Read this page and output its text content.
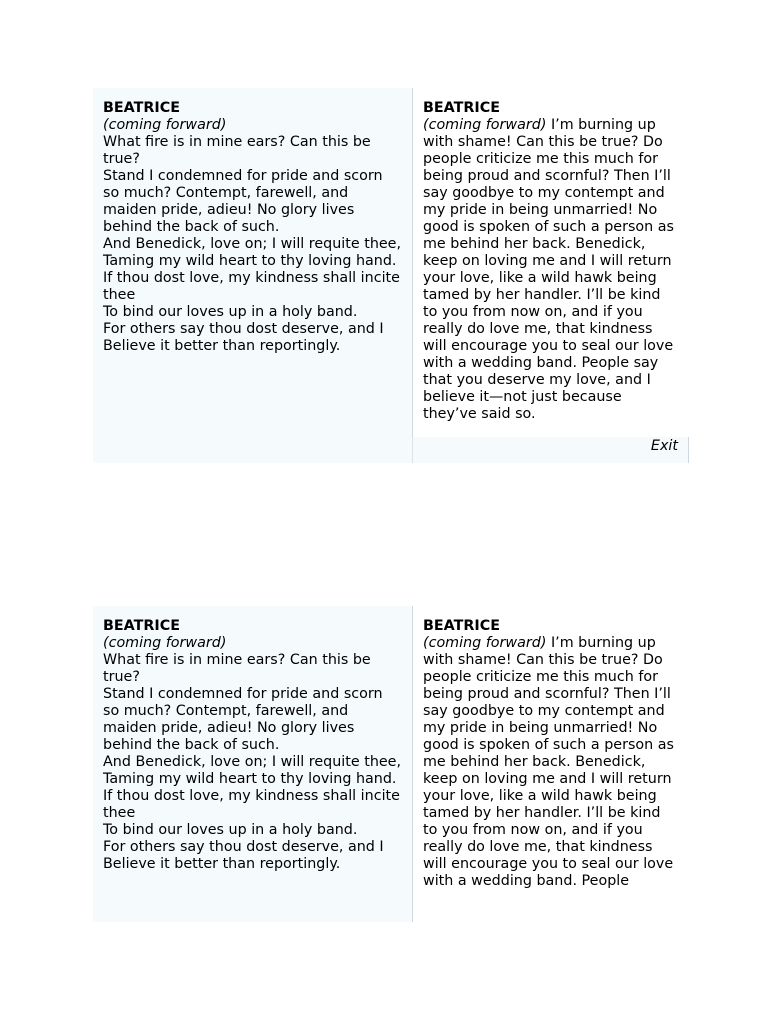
BEATRICE
(coming forward)
What fire is in mine ears? Can this be true?
Stand I condemned for pride and scorn so much? Contempt, farewell, and maiden pride, adieu! No glory lives behind the back of such.
And Benedick, love on; I will requite thee,
Taming my wild heart to thy loving hand.
If thou dost love, my kindness shall incite thee
To bind our loves up in a holy band.
For others say thou dost deserve, and I Believe it better than reportingly.
BEATRICE
(coming forward) I’m burning up with shame! Can this be true? Do people criticize me this much for being proud and scornful? Then I’ll say goodbye to my contempt and my pride in being unmarried! No good is spoken of such a person as me behind her back. Benedick, keep on loving me and I will return your love, like a wild hawk being tamed by her handler. I’ll be kind to you from now on, and if you really do love me, that kindness will encourage you to seal our love with a wedding band. People say that you deserve my love, and I believe it—not just because they’ve said so.
Exit
BEATRICE
(coming forward)
What fire is in mine ears? Can this be true?
Stand I condemned for pride and scorn so much? Contempt, farewell, and maiden pride, adieu! No glory lives behind the back of such.
And Benedick, love on; I will requite thee,
Taming my wild heart to thy loving hand.
If thou dost love, my kindness shall incite thee
To bind our loves up in a holy band.
For others say thou dost deserve, and I Believe it better than reportingly.
BEATRICE
(coming forward) I’m burning up with shame! Can this be true? Do people criticize me this much for being proud and scornful? Then I’ll say goodbye to my contempt and my pride in being unmarried! No good is spoken of such a person as me behind her back. Benedick, keep on loving me and I will return your love, like a wild hawk being tamed by her handler. I’ll be kind to you from now on, and if you really do love me, that kindness will encourage you to seal our love with a wedding band. People
